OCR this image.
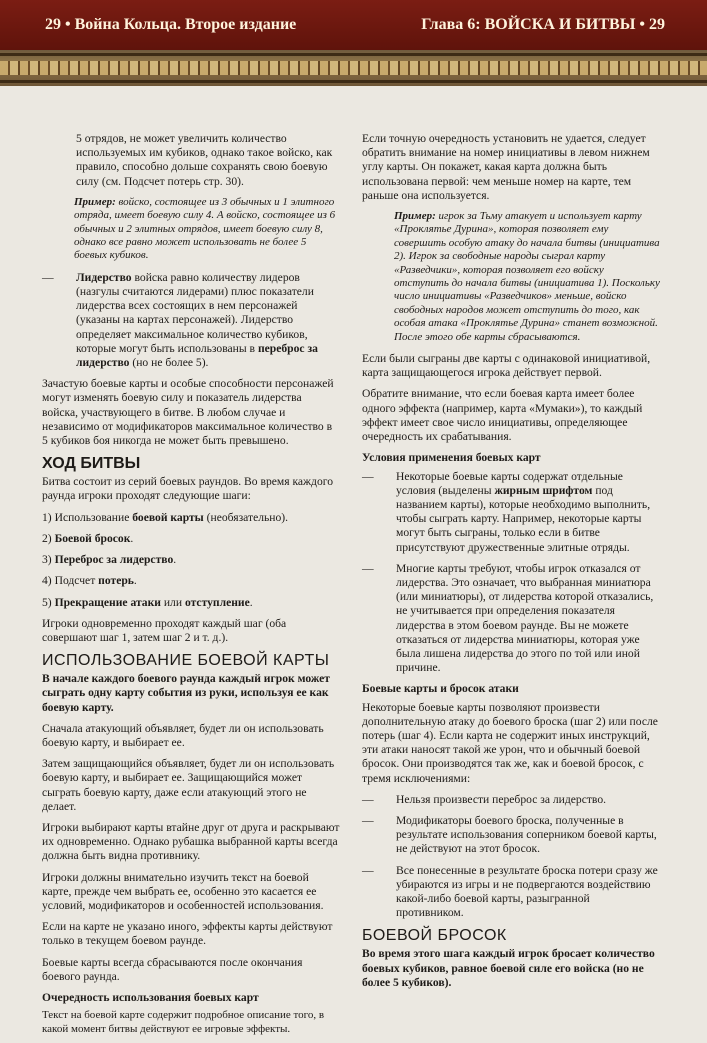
29 • Война Кольца. Второе издание	Глава 6: ВОЙСКА И БИТВЫ • 29

5 отрядов, не может увеличить количество используемых им кубиков, однако такое войско, как правило, способно дольше сохранять свою боевую силу (см. Подсчет потерь стр. 30).

Пример: войско, состоящее из 3 обычных и 1 элитного отряда, имеет боевую силу 4. А войско, состоящее из 6 обычных и 2 элитных отрядов, имеет боевую силу 8, однако все равно может использовать не более 5 боевых кубиков.
—	Лидерство войска равно количеству лидеров (назгулы считаются лидерами) плюс показатели лидерства всех состоящих в нем персонажей (указаны на картах персонажей). Лидерство определяет максимальное количество кубиков, которые могут быть использованы в переброс за лидерство (но не более 5).

Зачастую боевые карты и особые способности персонажей могут изменять боевую силу и показатель лидерства войска, участвующего в битве. В любом случае и независимо от модификаторов максимальное количество в 5 кубиков боя никогда не может быть превышено.

ХОД БИТВЫ

Битва состоит из серий боевых раундов. Во время каждого раунда игроки проходят следующие шаги:

1) Использование боевой карты (необязательно).
2) Боевой бросок.
3) Переброс за лидерство.
4) Подсчет потерь.
5) Прекращение атаки или отступление.

Игроки одновременно проходят каждый шаг (оба совершают шаг 1, затем шаг 2 и т. д.).

ИСПОЛЬЗОВАНИЕ БОЕВОЙ КАРТЫ

В начале каждого боевого раунда каждый игрок может сыграть одну карту события из руки, используя ее как боевую карту.

Сначала атакующий объявляет, будет ли он использовать боевую карту, и выбирает ее.

Затем защищающийся объявляет, будет ли он использовать боевую карту, и выбирает ее. Защищающийся может сыграть боевую карту, даже если атакующий этого не делает.

Игроки выбирают карты втайне друг от друга и раскрывают их одновременно. Однако рубашка выбранной карты всегда должна быть видна противнику.

Игроки должны внимательно изучить текст на боевой карте, прежде чем выбрать ее, особенно это касается ее условий, модификаторов и особенностей использования.

Если на карте не указано иного, эффекты карты действуют только в текущем боевом раунде.

Боевые карты всегда сбрасываются после окончания боевого раунда.

Очередность использования боевых карт

Текст на боевой карте содержит подробное описание того, в какой момент битвы действуют ее игровые эффекты.

Если точную очередность установить не удается, следует обратить внимание на номер инициативы в левом нижнем углу карты. Он покажет, какая карта должна быть использована первой: чем меньше номер на карте, тем раньше она используется.

Пример: игрок за Тьму атакует и использует карту «Проклятье Дурина», которая позволяет ему совершить особую атаку до начала битвы (инициатива 2). Игрок за свободные народы сыграл карту «Разведчики», которая позволяет его войску отступить до начала битвы (инициатива 1). Поскольку число инициативы «Разведчиков» меньше, войско свободных народов может отступить до того, как особая атака «Проклятье Дурина» станет возможной. После этого обе карты сбрасываются.

Если были сыграны две карты с одинаковой инициативой, карта защищающегося игрока действует первой.

Обратите внимание, что если боевая карта имеет более одного эффекта (например, карта «Мумаки»), то каждый эффект имеет свое число инициативы, определяющее очередность их срабатывания.

Условия применения боевых карт
—	Некоторые боевые карты содержат отдельные условия (выделены жирным шрифтом под названием карты), которые необходимо выполнить, чтобы сыграть карту. Например, некоторые карты могут быть сыграны, только если в битве присутствуют дружественные элитные отряды.
—	Многие карты требуют, чтобы игрок отказался от лидерства. Это означает, что выбранная миниатюра (или миниатюры), от лидерства которой отказались, не учитывается при определения показателя лидерства в этом боевом раунде. Вы не можете отказаться от лидерства миниатюры, которая уже была лишена лидерства до этого по той или иной причине.
Боевые карты и бросок атаки

Некоторые боевые карты позволяют произвести дополнительную атаку до боевого броска (шаг 2) или после потерь (шаг 4). Если карта не содержит иных инструкций, эти атаки наносят такой же урон, что и обычный боевой бросок. Они производятся так же, как и боевой бросок, с тремя исключениями:

—	Нельзя произвести переброс за лидерство.
—	Модификаторы боевого броска, полученные в результате использования соперником боевой карты, не действуют на этот бросок.
—	Все понесенные в результате броска потери сразу же убираются из игры и не подвергаются воздействию какой-либо боевой карты, разыгранной противником.
БОЕВОЙ БРОСОК

Во время этого шага каждый игрок бросает количество боевых кубиков, равное боевой силе его войска (но не более 5 кубиков).
